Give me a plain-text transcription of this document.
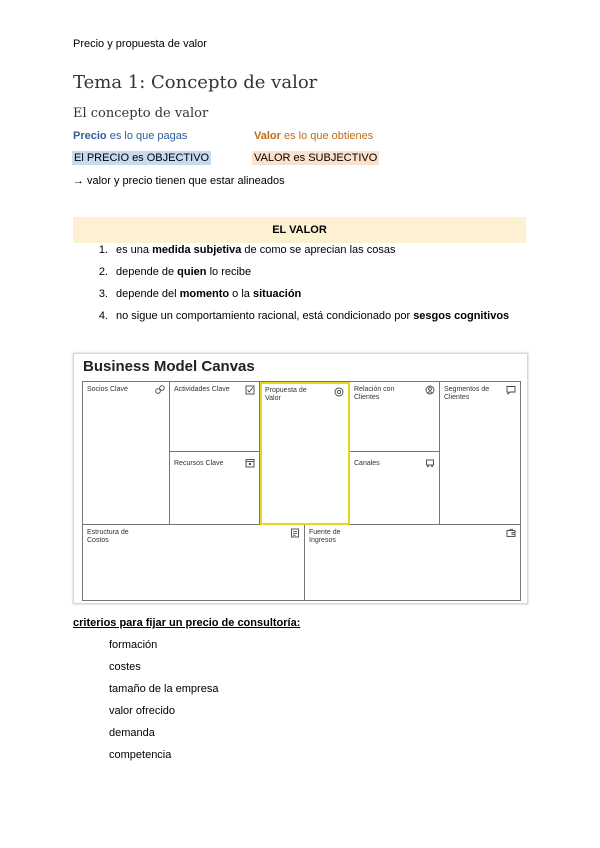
Precio y propuesta de valor
Tema 1: Concepto de valor
El concepto de valor
Precio es lo que pagas	Valor es lo que obtienes
El PRECIO es OBJECTIVO	VALOR es SUBJECTIVO
→ valor y precio tienen que estar alineados
EL VALOR
1. es una medida subjetiva de como se aprecian las cosas
2. depende de quien lo recibe
3. depende del momento o la situación
4. no sigue un comportamiento racional, está condicionado por sesgos cognitivos
Business Model Canvas
Socios Clave	Actividades Clave
Recursos Clave
Propuesta de Valor
Relación con Clientes
Canales
Segmentos de Clientes
Estructura de Costos
Fuente de Ingresos
criterios para fijar un precio de consultoría:
formación
costes
tamaño de la empresa
valor ofrecido
demanda
competencia
